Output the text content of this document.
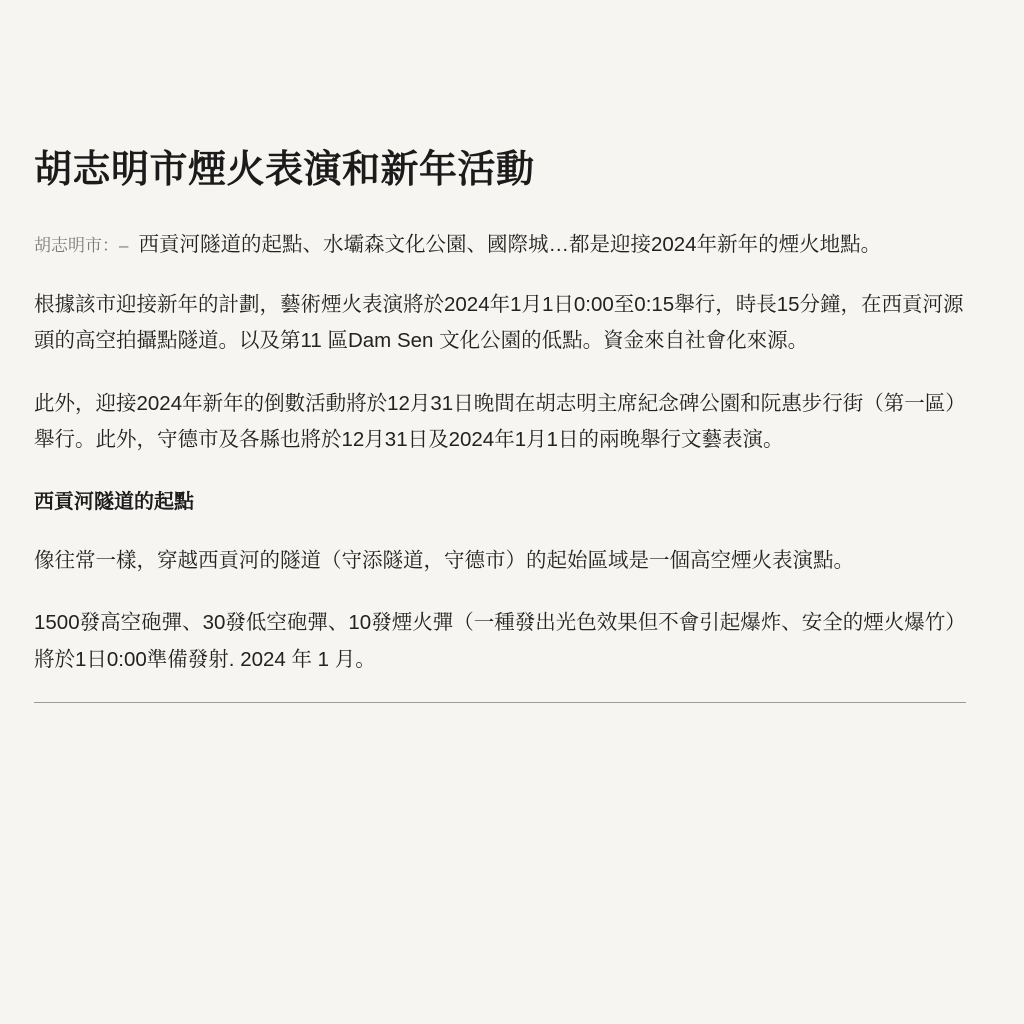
胡志明市煙火表演和新年活動

胡志明市：– 西貢河隧道的起點、水壩森文化公園、國際城…都是迎接2024年新年的煙火地點。

根據該市迎接新年的計劃，藝術煙火表演將於2024年1月1日0:00至0:15舉行，時長15分鐘，在西貢河源頭的高空拍攝點隧道。以及第11 區Dam Sen 文化公園的低點。資金來自社會化來源。

此外，迎接2024年新年的倒數活動將於12月31日晚間在胡志明主席紀念碑公園和阮惠步行街（第一區）舉行。此外，守德市及各縣也將於12月31日及2024年1月1日的兩晚舉行文藝表演。

西貢河隧道的起點

像往常一樣，穿越西貢河的隧道（守添隧道，守德市）的起始區域是一個高空煙火表演點。

1500發高空砲彈、30發低空砲彈、10發煙火彈（一種發出光色效果但不會引起爆炸、安全的煙火爆竹）將於1日0:00準備發射. 2024 年 1 月。
